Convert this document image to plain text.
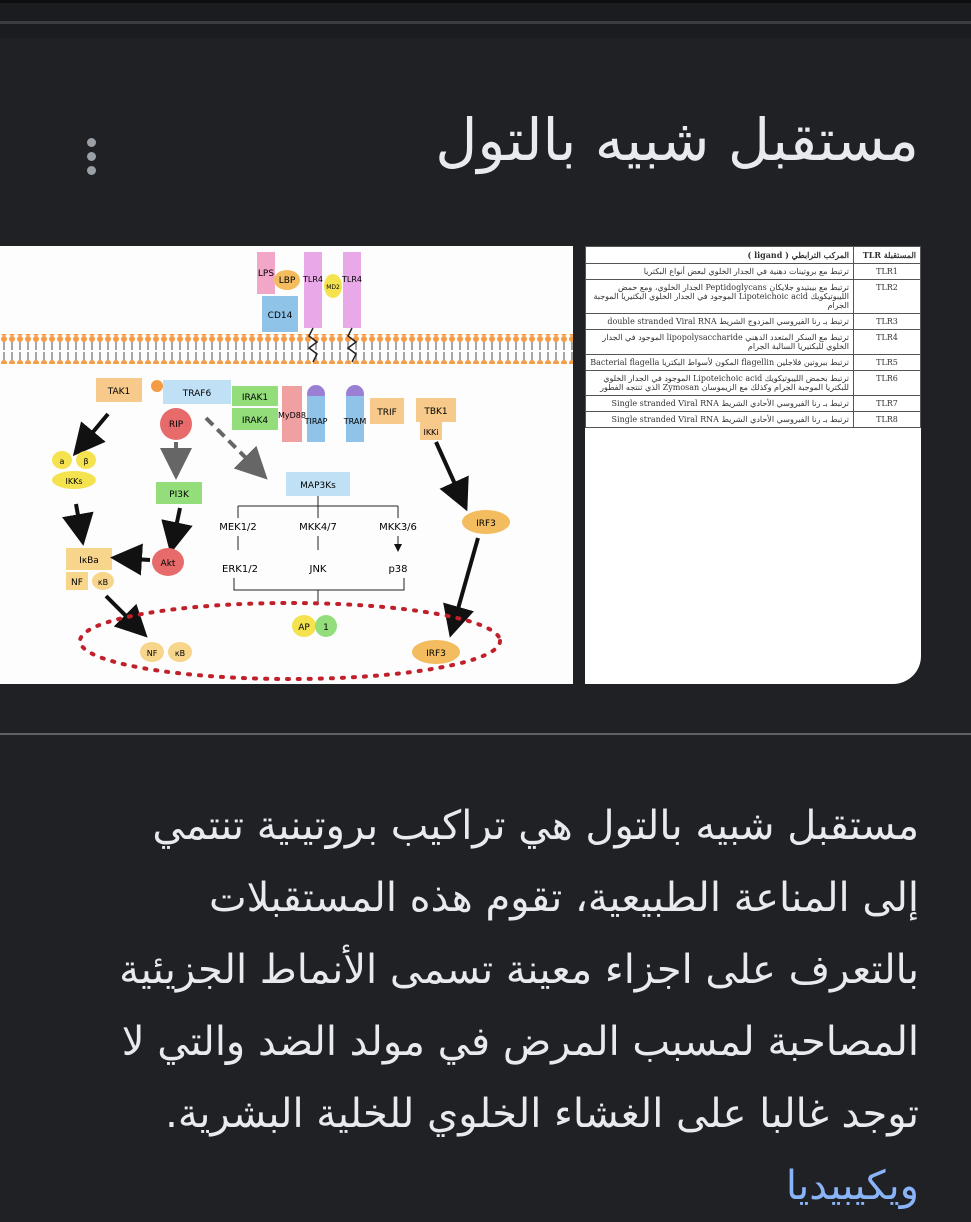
مستقبل شبيه بالتول
LPS
LBP
CD14
TLR4
MD2
TLR4
TIRAP TRAM
MyD88	TRIF	TBK1
IKKi
TAK1	TRAF6	IRAK1
IRAK4
RIP
PI3K
Akt
MAP3Ks
MEK1/2	MKK4/7	MKK3/6
ERK1/2	JNK	p38
a β
IKKs
IκBa
NF κB
IRF3
NF κB
AP 1
IRF3
المستقبلة TLR	المركب الترابطي ( ligand )
TLR1	ترتبط مع بروتينات دهنية في الجدار الخلوي لبعض أنواع البكتريا
TLR2	ترتبط مع بيبتيدو جلايكان Peptidoglycans الجدار الخلوي، ومع حمض الليبوتيكويك Lipoteichoic acid الموجود في الجدار الخلوي البكتيريا الموجبة الجرام
TLR3	ترتبط بـ رنا الفيروسي المزدوج الشريط double stranded Viral RNA
TLR4	ترتبط مع السكر المتعدد الدهني lipopolysaccharide الموجود في الجدار الخلوي للبكتيريا السالبة الجرام
TLR5	ترتبط ببروتين فلاجلين flagellin المكون لأسواط البكتريا Bacterial flagella
TLR6	ترتبط بحمض الليبوتيكويك Lipoteichoic acid الموجود في الجدار الخلوي للبكتريا الموجبة الجرام وكذلك مع الزيموسان Zymosan الذي تنتجه الفطور
TLR7	ترتبط بـ رنا الفيروسي الأحادي الشريط Single stranded Viral RNA
TLR8	ترتبط بـ رنا الفيروسي الأحادي الشريط Single stranded Viral RNA
مستقبل شبيه بالتول هي تراكيب بروتينية تنتمي إلى المناعة الطبيعية، تقوم هذه المستقبلات بالتعرف على اجزاء معينة تسمى الأنماط الجزيئية المصاحبة لمسبب المرض في مولد الضد والتي لا توجد غالبا على الغشاء الخلوي للخلية البشرية. ويكيبيديا
